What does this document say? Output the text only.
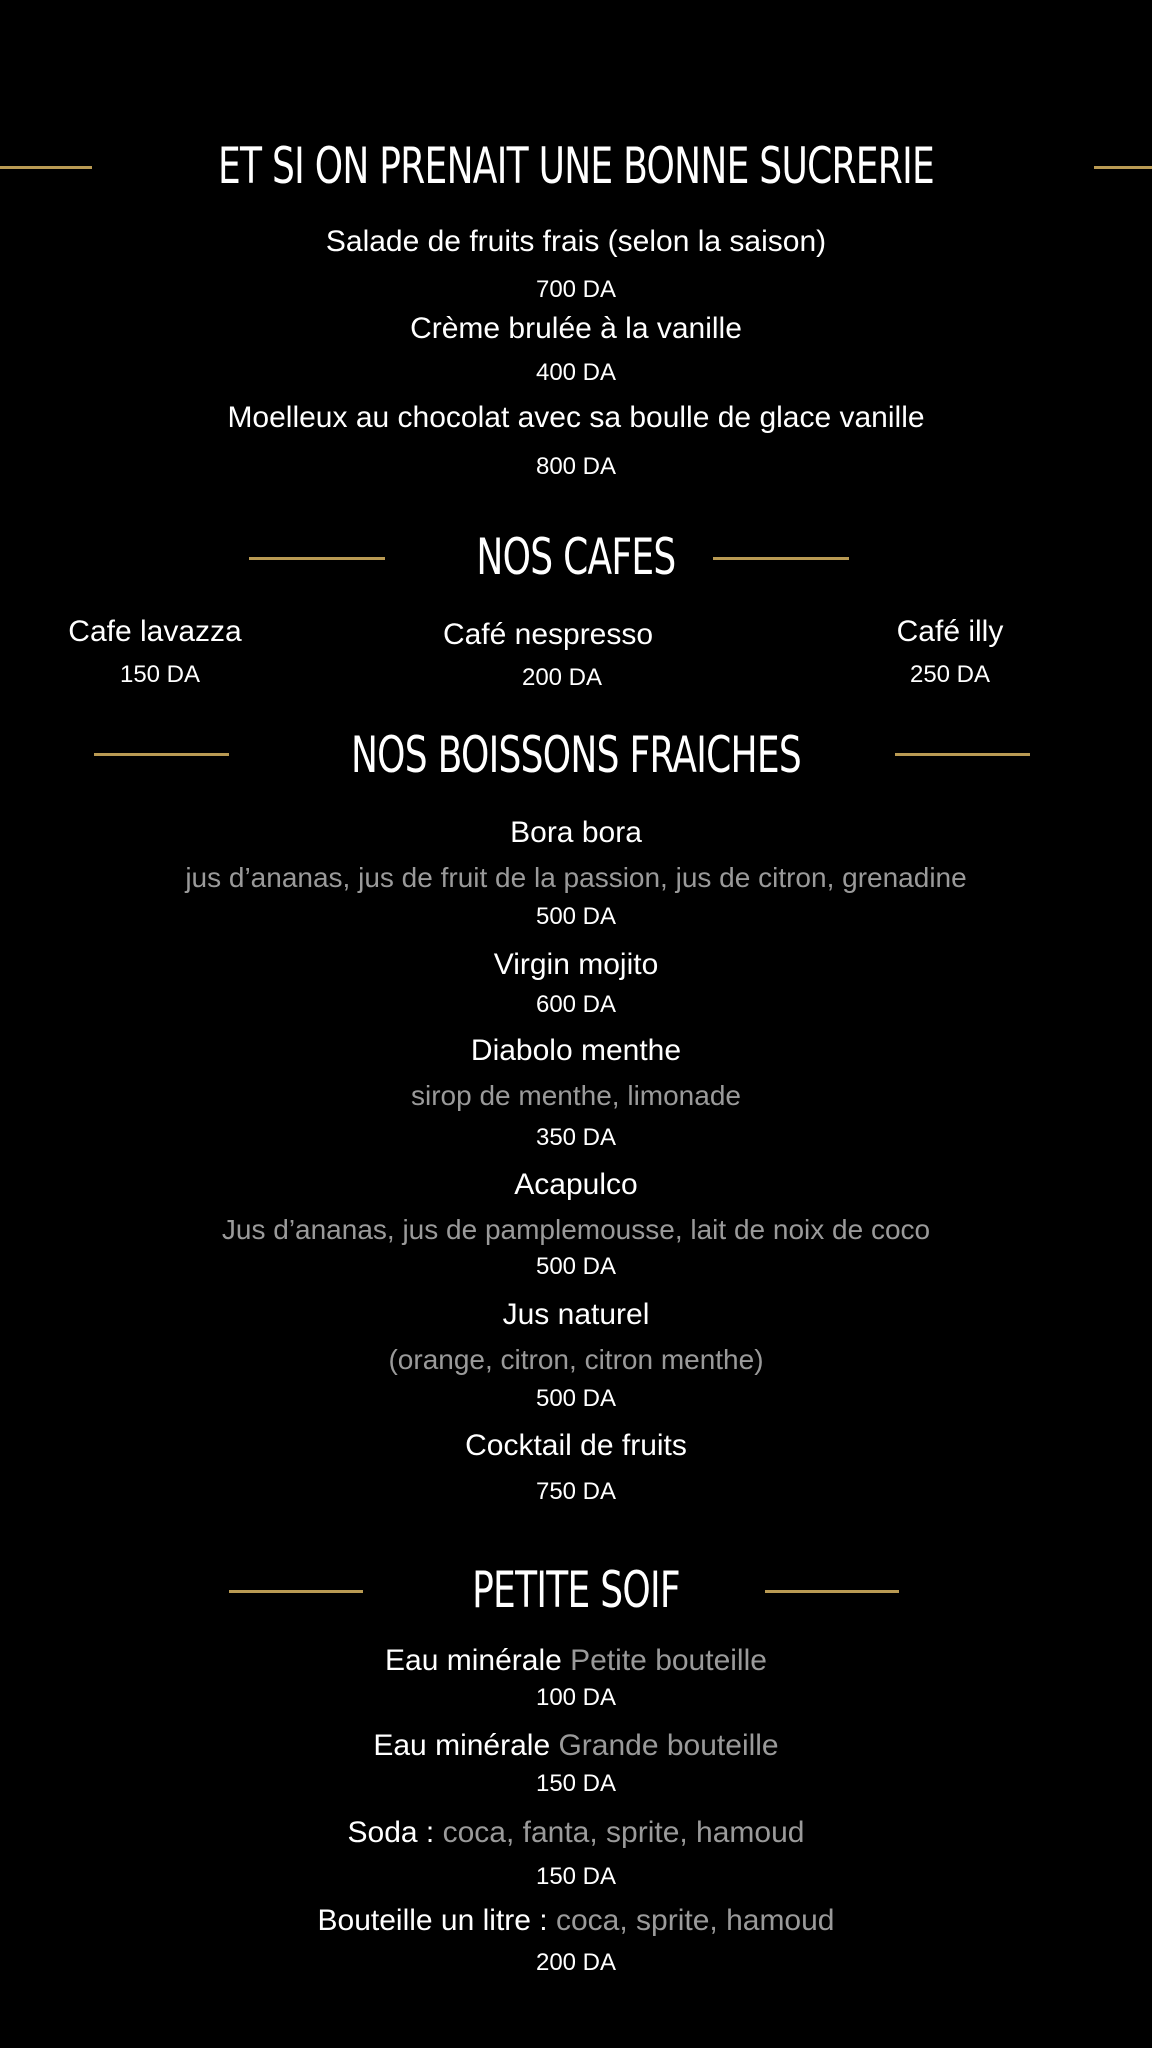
ET SI ON PRENAIT UNE BONNE SUCRERIE
Salade de fruits frais (selon la saison)
700 DA
Crème brulée à la vanille
400 DA
Moelleux au chocolat avec sa boulle de glace vanille
800 DA
NOS CAFES
Cafe lavazza
150 DA
Café nespresso
200 DA
Café illy
250 DA
NOS BOISSONS FRAICHES
Bora bora
jus d’ananas, jus de fruit de la passion, jus de citron, grenadine
500 DA
Virgin mojito
600 DA
Diabolo menthe
sirop de menthe, limonade
350 DA
Acapulco
Jus d’ananas, jus de pamplemousse, lait de noix de coco
500 DA
Jus naturel
(orange, citron, citron menthe)
500 DA
Cocktail de fruits
750 DA
PETITE SOIF
Eau minérale Petite bouteille
100 DA
Eau minérale Grande bouteille
150 DA
Soda : coca, fanta, sprite, hamoud
150 DA
Bouteille un litre : coca, sprite, hamoud
200 DA
